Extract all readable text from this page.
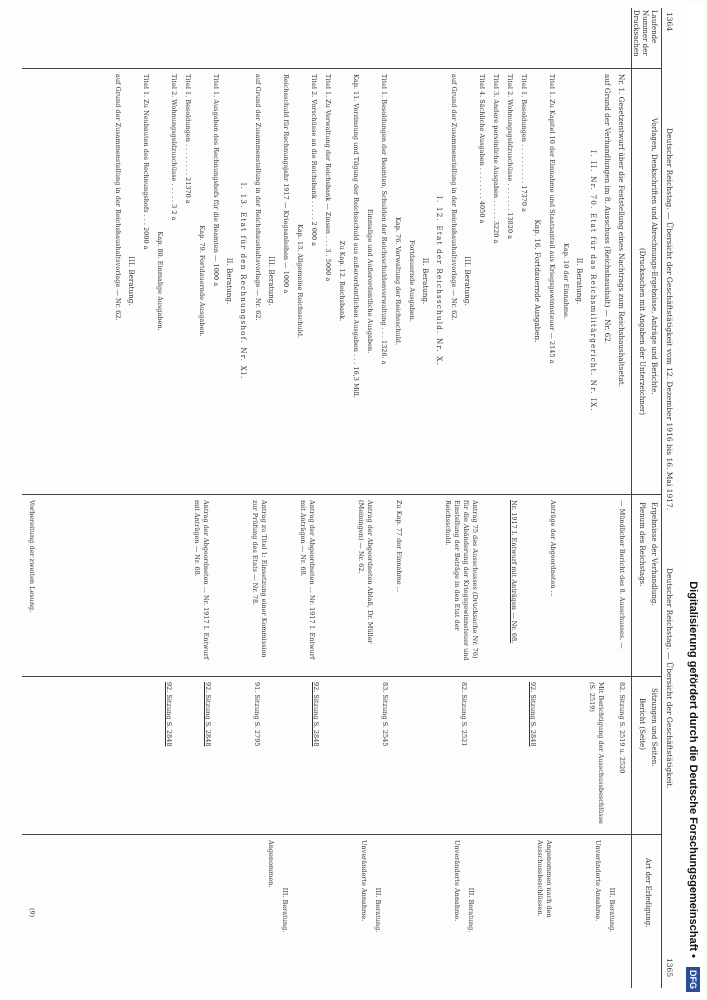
1364
Deutscher Reichstag. — Übersicht der Geschäftstätigkeit vom 12. Dezember 1916 bis 16. Mai 1917.
Deutscher Reichstag. — Übersicht der Geschäftstätigkeit.
1365
Laufende Nummer der Drucksachen
Vorlagen, Denkschriften und Abrechnungs-Ergebnisse, Anträge und Berichte.
(Drucksachen mit Angaben der Unterzeichner)
Ergebnisse der Verhandlung.
Plenum des Reichstags.
Sitzungen und Seiten.
Bericht (Seite)
Art der Erledigung.
Nr. 1. Gesetzentwurf über die Feststellung eines Nachtrags zum Reichshaushaltsetat.
auf Grund der Verhandlungen im 8. Ausschuss (Reichshaushalt) — Nr. 62.
I. II. Nr. 70. Etat für das Reichsmilitärgericht. Nr. IX.
II. Beratung.
Kap. 10 der Einnahme.
Titel 1. Zu Kapitel 10 der Einnahme und Staatsanteil aus Kriegsgewinnsteuer — 2145 a
Kap. 16. Fortdauernde Ausgaben.
Titel 1. Besoldungen . . . . . . . . . . 17370 a
Titel 2. Wohnungsgeldzuschüsse . . . . . . . 13820 a
Titel 3. Andere persönliche Ausgaben . . . . . 3220 a
Titel 4. Sächliche Ausgaben . . . . . . . . 4050 a
III. Beratung.
auf Grund der Zusammenstellung in der Reichshaushaltsvorlage — Nr. 62.
I. 12. Etat der Reichsschuld. Nr. X.
II. Beratung.
Fortdauernde Ausgaben.
Kap. 76. Verwaltung der Reichsschuld.
Titel 1. Besoldungen der Beamten, Schulden der Reichsschuldenverwaltung . . . 1326. a
Einmalige und Außerordentliche Ausgaben.
Kap. 11. Verzinsung und Tilgung der Reichsschuld aus außerordentlichen Ausgaben . . . 16,3 Mill.
Zu Kap. 12. Reichsbank.
Titel 1. Zu Verwaltung der Reichsbank — Zinsen . . . 3 . 5000 a
Titel 2. Vorschüsse an die Reichsbank . . . . . 2 000 a
Kap. 13. Allgemeine Reichsschuld.
Reichsschuld für Rechnungsjahr 1917 — Kriegsanleihen — 1000 a
III. Beratung.
auf Grund der Zusammenstellung in der Reichshaushaltsvorlage — Nr. 62.
I. 13. Etat für den Rechnungshof. Nr. XI.
II. Beratung.
Titel 1. Ausgaben des Rechnungshofs für die Beamten — 1000 a
Kap. 79. Fortdauernde Ausgaben.
Titel 1. Besoldungen . . . . . . . . 21370 a
Titel 2. Wohnungsgeldzuschüsse . . . . . 3 2 a
Kap. 80. Einmalige Ausgaben.
Titel 1. Zu Neubauten des Rechnungshofs . . . 2000 a
III. Beratung.
auf Grund der Zusammenstellung in der Reichshaushaltsvorlage — Nr. 62.
— Mündlicher Bericht des 8. Ausschusses. —
Anträge der Abgeordneten ...
Nr. 1917 I. Entwurf mit Anträgen — Nr. 68.
Antrag 75 des Ausschusses (Drucksache Nr. 76) für die Abänderung der Kriegsgewinnsteuer und Einstellung der Beträge in den Etat der Reichsschuld.
Zu Kap. 77 der Einnahme ...
Antrag der Abgeordneten Ablaß, Dr. Müller (Meiningen) — Nr. 62.
Antrag der Abgeordneten ... Nr. 1917 I. Entwurf mit Anträgen — Nr. 68.
Antrag zu Titel 1: Einsetzung einer Kommission zur Prüfung des Etats — Nr. 78.
Antrag der Abgeordneten ... Nr. 1917 I. Entwurf mit Anträgen — Nr. 68.
82. Sitzung S. 2519 u. 2520
Mit Berichtigung der Ausschussbeschlüsse (S. 2519)
92. Sitzung S. 2848
82. Sitzung S. 2521
83. Sitzung S. 2545
92. Sitzung S. 2848
91. Sitzung S. 2795
92. Sitzung S. 2848
92. Sitzung S. 2848
III. Beratung.
Unveränderte Annahme.
Angenommen nach den Ausschussbeschlüssen.
III. Beratung.
Unveränderte Annahme.
III. Beratung.
Unveränderte Annahme.
III. Beratung.
Angenommen.
Vorbereitung der zweiten Lesung.
(9)	Digitalisierung gefördert durch die Deutsche Forschungsgemeinschaft • DFG
